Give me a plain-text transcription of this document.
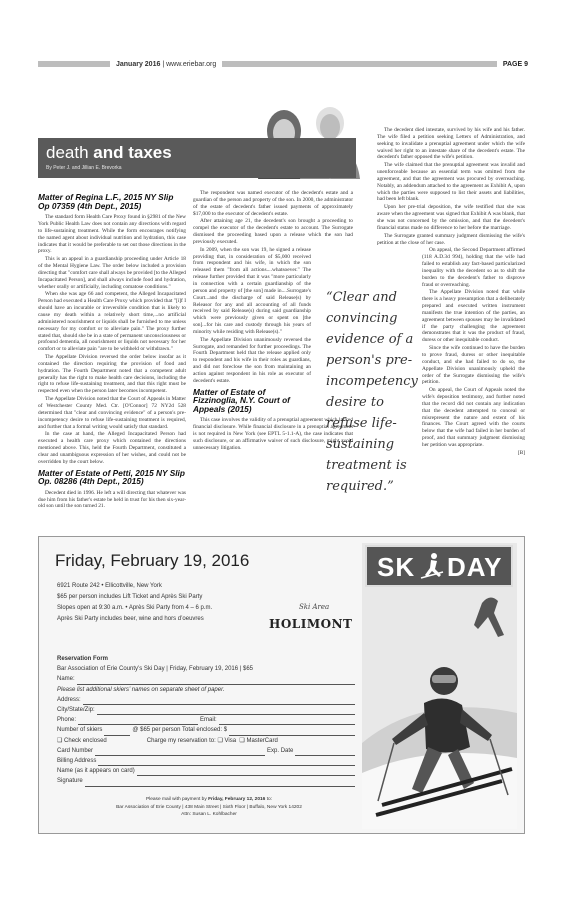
January 2016 | www.eriebar.org	PAGE 9
death and taxes
By Peter J. and Jillian E. Brevorka
Matter of Regina L.F., 2015 NY Slip Op 07359 (4th Dept., 2015)

The standard form Health Care Proxy found in §2981 of the New York Public Health Law does not contain any directions with regard to life-sustaining treatment. While the form encourages notifying the named agent about individual nutrition and hydration, this case indicates that it would be preferable to set out those directions in the proxy.

This is an appeal in a guardianship proceeding under Article 18 of the Mental Hygiene Law. The order below included a provision directing that "comfort care shall always be provided [to the Alleged Incapacitated Person], and shall always include food and hydration, whether orally or artificially, including comatose conditions."

When she was age 66 and competent, the Alleged Incapacitated Person had executed a Health Care Proxy which provided that "[i]f I should have an incurable or irreversible condition that is likely to cause my death within a relatively short time,...no artificial administered nourishment or liquids shall be furnished to me unless necessary for my comfort or to alleviate pain." The proxy further stated that, should she be in a state of permanent unconsciousness or profound dementia, all nourishment or liquids not necessary for her comfort or to alleviate pain "are to be withheld or withdrawn."

The Appellate Division reversed the order below insofar as it contained the direction requiring the provision of food and hydration. The Fourth Department noted that a competent adult generally has the right to make health care decisions, including the right to refuse life-sustaining treatment, and that this right must be respected even when the person later becomes incompetent.

The Appellate Division noted that the Court of Appeals in Matter of Westchester County Med. Ctr. [O'Connor] 72 NY2d 528 determined that "clear and convincing evidence" of a person's pre-incompetency desire to refuse life-sustaining treatment is required, and further that a formal writing would satisfy that standard.

In the case at hand, the Alleged Incapacitated Person had executed a health care proxy which contained the directions mentioned above. This, held the Fourth Department, constituted a clear and unambiguous expression of her wishes, and could not be overridden by the court below.

Matter of Estate of Petti, 2015 NY Slip Op. 08286 (4th Dept., 2015)

Decedent died in 1996. He left a will directing that whatever was due him from his father's estate be held in trust for his then six-year-old son until the son turned 21.

The respondent was named executor of the decedent's estate and a guardian of the person and property of the son. In 2000, the administrator of the estate of decedent's father issued payments of approximately $17,000 to the executor of decedent's estate.

After attaining age 21, the decedent's son brought a proceeding to compel the executor of the decedent's estate to account. The Surrogate dismissed the proceeding based upon a release which the son had previously executed.

In 2009, when the son was 19, he signed a release providing that, in consideration of $5,000 received from respondent and his wife, in which the son released them "from all actions....whatsoever." The release further provided that it was "more particularly in connection with a certain guardianship of the person and property of [the son] made in....Surrogate's Court...and the discharge of said Release(s) by Releasor for any and all accounting of all funds received by said Release(s) during said guardianship which were previously given or spent on [the son]...for his care and custody through his years of minority while residing with Release(s)."

The Appellate Division unanimously reversed the Surrogate, and remanded for further proceedings. The Fourth Department held that the release applied only to respondent and his wife in their roles as guardians, and did not foreclose the son from maintaining an action against respondent in his role as executor of decedent's estate.

Matter of Estate of Fizzinoglia, N.Y. Court of Appeals (2015)

This case involves the validity of a prenuptial agreement which lacked financial disclosure. While financial disclosure in a prenuptial agreement is not required in New York (see EPTL 5-1.1-A), the case indicates that such disclosure, or an affirmative waiver of such disclosure, might avoid unnecessary litigation.

“Clear and convincing evidence of a person's pre-incompetency desire to refuse life-sustaining treatment is required.”

The decedent died intestate, survived by his wife and his father. The wife filed a petition seeking Letters of Administration, and seeking to invalidate a prenuptial agreement under which the wife waived her right to an intestate share of the decedent's estate. The decedent's father opposed the wife's petition.

The wife claimed that the prenuptial agreement was invalid and unenforceable because an essential term was omitted from the agreement, and that the agreement was procured by overreaching. Notably, an addendum attached to the agreement as Exhibit A, upon which the parties were supposed to list their assets and liabilities, had been left blank.

Upon her pre-trial deposition, the wife testified that she was aware when the agreement was signed that Exhibit A was blank, that she was not concerned by the omission, and that the decedent's financial status made no difference to her before the marriage.

The Surrogate granted summary judgment dismissing the wife's petition at the close of her case.

On appeal, the Second Department affirmed (118 A.D.3d 994), holding that the wife had failed to establish any fact-based particularized inequality with the decedent so as to shift the burden to the decedent's father to disprove fraud or overreaching.

The Appellate Division noted that while there is a heavy presumption that a deliberately prepared and executed written instrument manifests the true intention of the parties, an agreement between spouses may be invalidated if the party challenging the agreement demonstrates that it was the product of fraud, duress or other inequitable conduct.

Since the wife continued to have the burden to prove fraud, duress or other inequitable conduct, and she had failed to do so, the Appellate Division unanimously upheld the order of the Surrogate dismissing the wife's petition.

On appeal, the Court of Appeals noted the wife's deposition testimony, and further noted that the record did not contain any indication that the decedent attempted to conceal or misrepresent the nature and extent of his finances. The Court agreed with the courts below that the wife had failed in her burden of proof, and that summary judgment dismissing her petition was appropriate.

[B]

Friday, February 19, 2016
6921 Route 242 • Ellicottville, New York
$65 per person includes Lift Ticket and Après Ski Party
Slopes open at 9:30 a.m. • Après Ski Party from 4 – 6 p.m.
Après Ski Party includes beer, wine and hors d’oeuvres
Ski Area
HOLIMONT
Reservation Form
Bar Association of Erie County’s Ski Day | Friday, February 19, 2016 | $65
Name:
Please list additional skiers’ names on separate sheet of paper.
Address:
City/State/Zip:
Phone:	Email:
Number of skiers	@ $65 per person Total enclosed: $
❑ Check enclosed	Charge my reservation to:
❑ Visa
❑ MasterCard
Card Number	Exp. Date
Billing Address
Name (as it appears on card)
Signature
Please mail with payment by Friday, February 12, 2016 to:
Bar Association of Erie County | 438 Main Street | Sixth Floor | Buffalo, New York 14202
Attn: Susan L. Kohlbacher
SK DAY
